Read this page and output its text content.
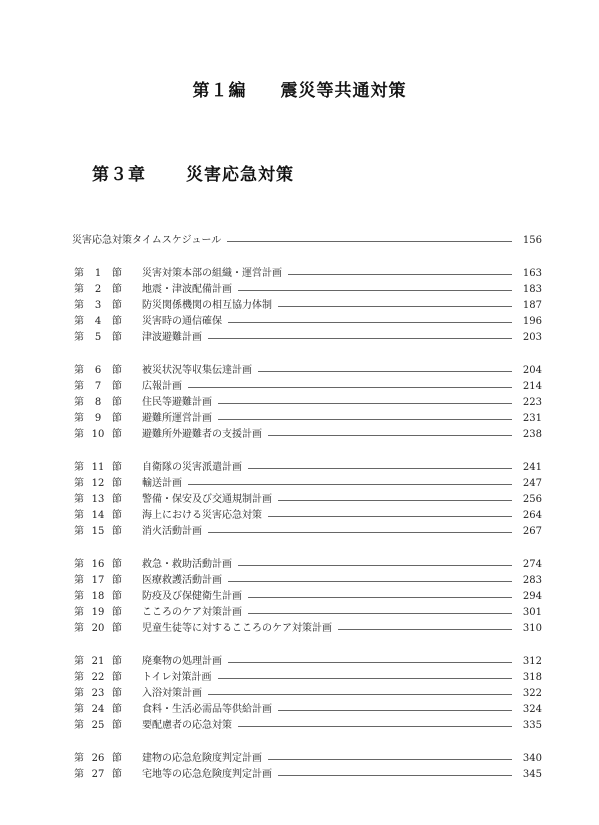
第１編 震災等共通対策
第３章 災害応急対策
災害応急対策タイムスケジュール	156
第 1 節 災害対策本部の組織・運営計画	163
第 2 節 地震・津波配備計画	183
第 3 節 防災関係機関の相互協力体制	187
第 4 節 災害時の通信確保	196
第 5 節 津波避難計画	203
第 6 節 被災状況等収集伝達計画	204
第 7 節 広報計画	214
第 8 節 住民等避難計画	223
第 9 節 避難所運営計画	231
第 10 節 避難所外避難者の支援計画	238
第 11 節 自衛隊の災害派遣計画	241
第 12 節 輸送計画	247
第 13 節 警備・保安及び交通規制計画	256
第 14 節 海上における災害応急対策	264
第 15 節 消火活動計画	267
第 16 節 救急・救助活動計画	274
第 17 節 医療救護活動計画	283
第 18 節 防疫及び保健衛生計画	294
第 19 節 こころのケア対策計画	301
第 20 節 児童生徒等に対するこころのケア対策計画	310
第 21 節 廃棄物の処理計画	312
第 22 節 トイレ対策計画	318
第 23 節 入浴対策計画	322
第 24 節 食料・生活必需品等供給計画	324
第 25 節 要配慮者の応急対策	335
第 26 節 建物の応急危険度判定計画	340
第 27 節 宅地等の応急危険度判定計画	345
